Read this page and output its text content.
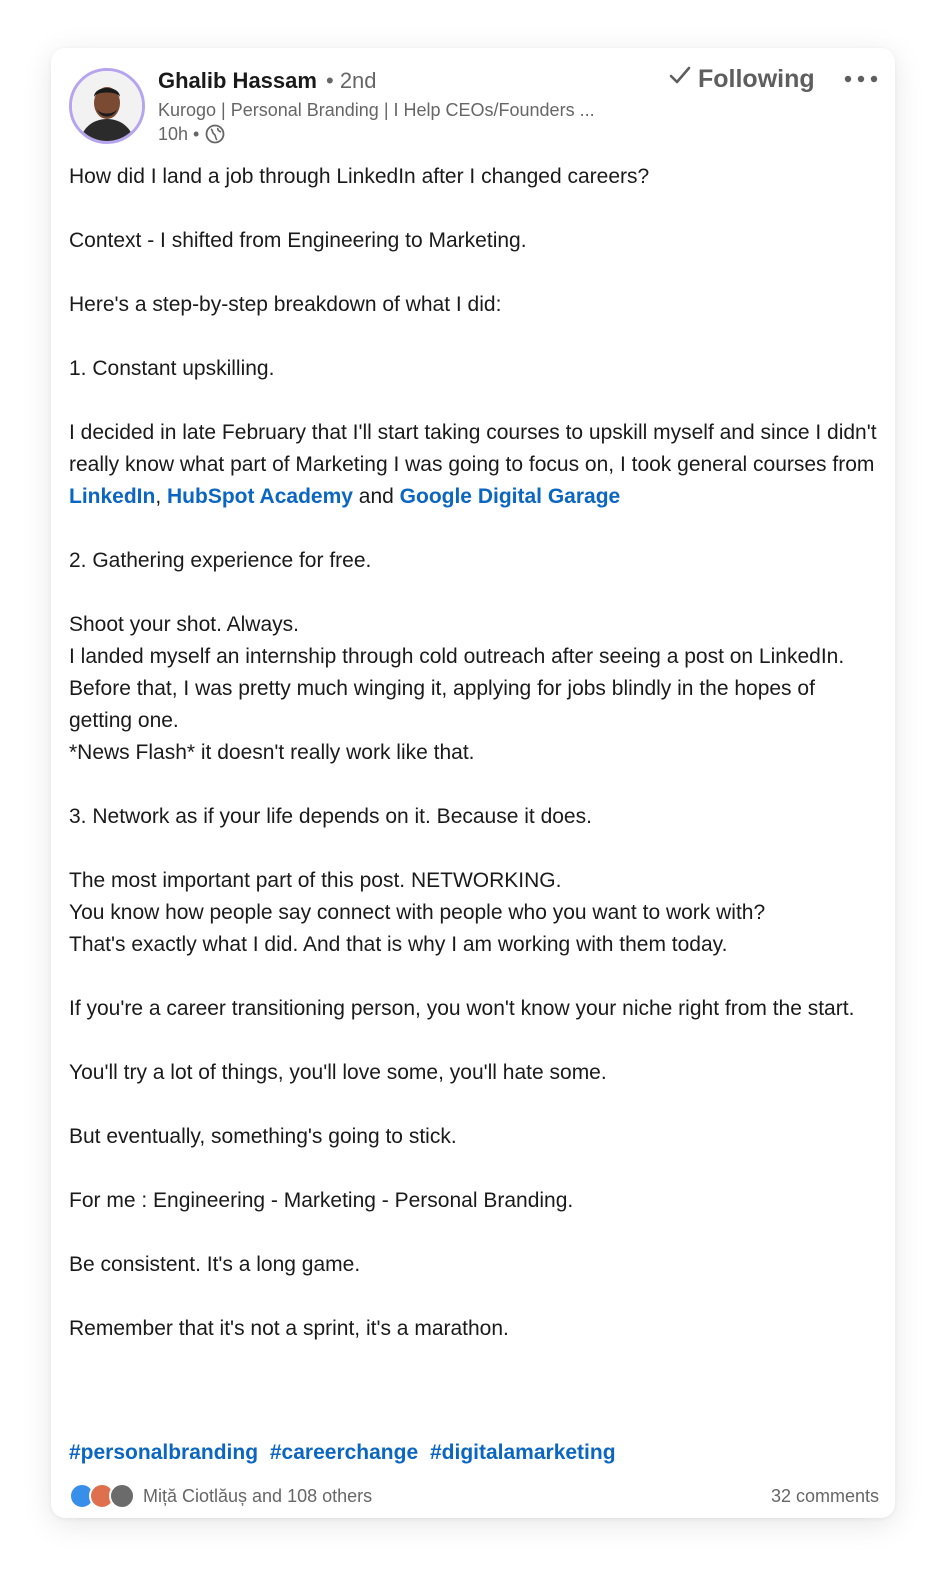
Ghalib Hassam • 2nd
Kurogo | Personal Branding | I Help CEOs/Founders ...
10h •
Following

How did I land a job through LinkedIn after I changed careers?

Context - I shifted from Engineering to Marketing.

Here's a step-by-step breakdown of what I did:

1. Constant upskilling.

I decided in late February that I'll start taking courses to upskill myself and since I didn't really know what part of Marketing I was going to focus on, I took general courses from LinkedIn, HubSpot Academy and Google Digital Garage

2. Gathering experience for free.

Shoot your shot. Always.
I landed myself an internship through cold outreach after seeing a post on LinkedIn. Before that, I was pretty much winging it, applying for jobs blindly in the hopes of getting one.
*News Flash* it doesn't really work like that.

3. Network as if your life depends on it. Because it does.

The most important part of this post. NETWORKING.
You know how people say connect with people who you want to work with?
That's exactly what I did. And that is why I am working with them today.

If you're a career transitioning person, you won't know your niche right from the start.

You'll try a lot of things, you'll love some, you'll hate some.

But eventually, something's going to stick.

For me : Engineering - Marketing - Personal Branding.

Be consistent. It's a long game.

Remember that it's not a sprint, it's a marathon.

#personalbranding #careerchange #digitalamarketing
Miță Ciotlăuș and 108 others	32 comments
